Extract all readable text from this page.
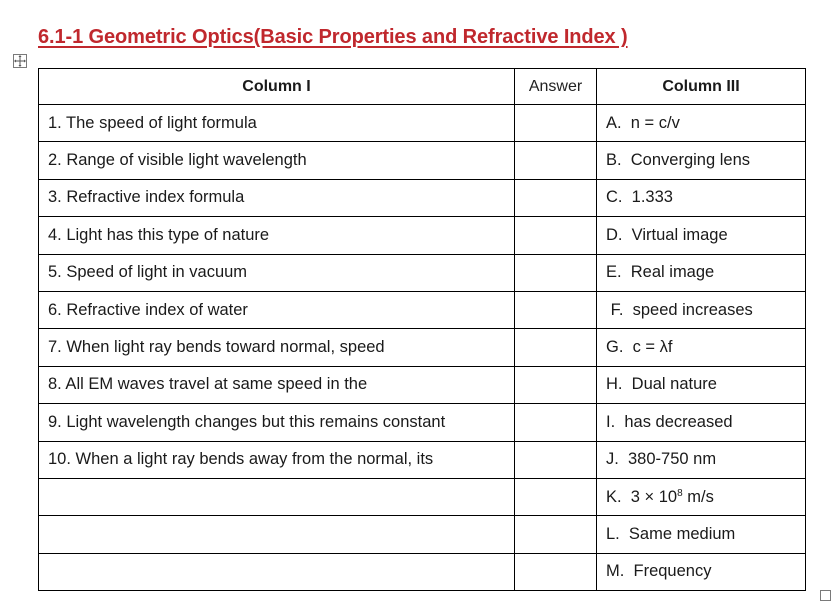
6.1-1 Geometric Optics(Basic Properties and Refractive Index )
Column I	Answer	Column III
1. The speed of light formula		A.  n = c/v
2. Range of visible light wavelength		B.  Converging lens
3. Refractive index formula		C.  1.333
4. Light has this type of nature		D.  Virtual image
5. Speed of light in vacuum		E.  Real image
6. Refractive index of water		F.  speed increases
7. When light ray bends toward normal, speed		G.  c = λf
8. All EM waves travel at same speed in the		H.  Dual nature
9. Light wavelength changes but this remains constant		I.  has decreased
10. When a light ray bends away from the normal, its		J.  380-750 nm
		K.  $3 \times 10^8$ m/s
		L.  Same medium
		M.  Frequency
